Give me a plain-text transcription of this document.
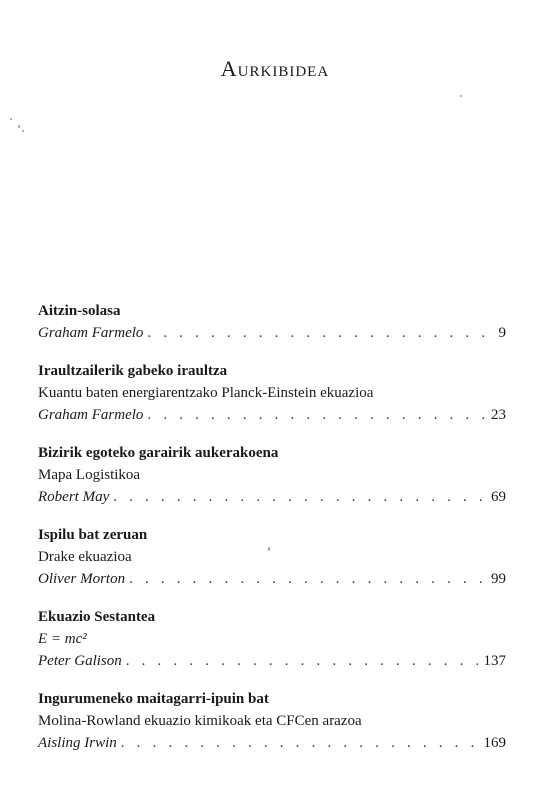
Aurkibidea
Aitzin-solasa
Graham Farmelo . . .	9
Iraultzailerik gabeko iraultza
Kuantu baten energiarentzako Planck-Einstein ekuazioa
Graham Farmelo . . .	23
Bizirik egoteko garairik aukerakoena
Mapa Logistikoa
Robert May . . .	69
Ispilu bat zeruan
Drake ekuazioa
Oliver Morton . . .	99
Ekuazio Sestantea
E = mc²
Peter Galison . . .	137
Ingurumeneko maitagarri-ipuin bat
Molina-Rowland ekuazio kimikoak eta CFCen arazoa
Aisling Irwin . . .	169
